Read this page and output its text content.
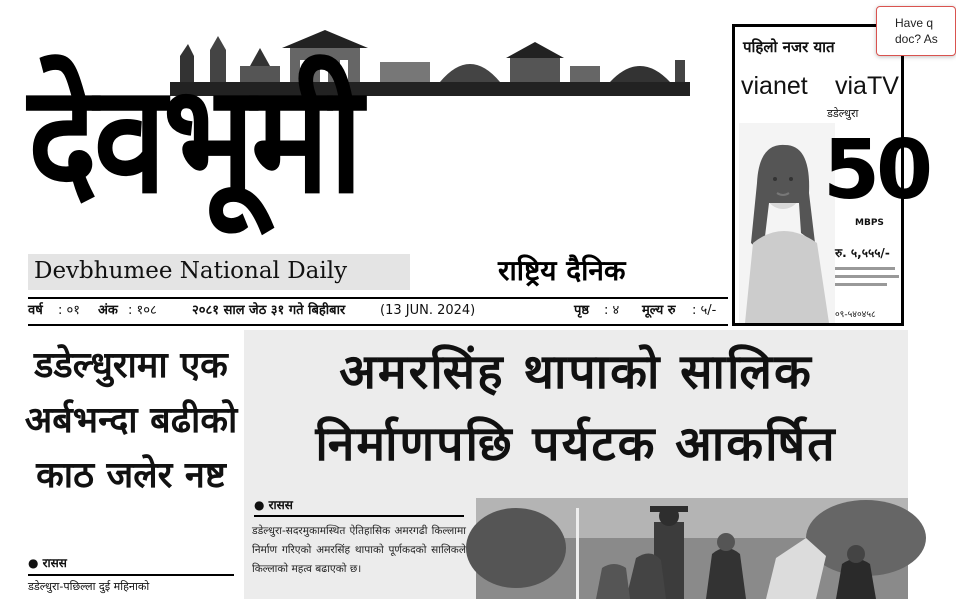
देवभूमी
Devbhumee National Daily	राष्ट्रिय दैनिक
वर्ष : ०१ अंक : १०८	२०८१ साल जेठ ३१ गते बिहीबार	(13 JUN. 2024)	पृष्ठ : ४ मूल्य रु : ५/-
पहिलो नजर यात
vianet viaTV
डडेल्धुरा
50
MBPS
रु. ५,५५५/-
०९-५४०४५८
Have q
doc? As
डडेल्धुरामा एक अर्बभन्दा बढीको काठ जलेर नष्ट
● रासस
डडेल्धुरा-पछिल्ला दुई महिनाको
अमरसिंह थापाको सालिक
निर्माणपछि पर्यटक आकर्षित
● रासस
डडेल्धुरा-सदरमुकामस्थित ऐतिहासिक अमरगढी किल्लामा निर्माण गरिएको अमरसिंह थापाको पूर्णकदको सालिकले किल्लाको महत्व बढाएको छ।
